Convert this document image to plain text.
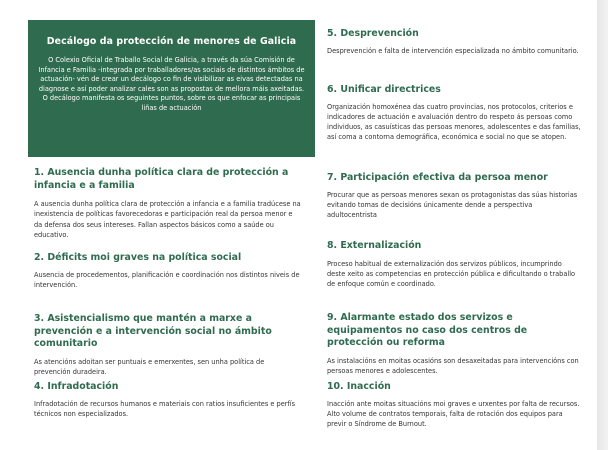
Decálogo da protección de menores de Galicia

O Colexio Oficial de Traballo Social de Galicia, a través da súa Comisión de Infancia e Familia -integrada por traballadores/as sociais de distintos ámbitos de actuación- vén de crear un decálogo co fin de visibilizar as eivas detectadas na diagnose e así poder analizar cales son as propostas de mellora máis axeitadas. O decálogo manifesta os seguintes puntos, sobre os que enfocar as principais liñas de actuación

1. Ausencia dunha política clara de protección a infancia e a familia

A ausencia dunha política clara de protección a infancia e a familia tradúcese na inexistencia de políticas favorecedoras e participación real da persoa menor e da defensa dos seus intereses. Fallan aspectos básicos como a saúde ou educativo.

2. Déficits moi graves na política social

Ausencia de procedementos, planificación e coordinación nos distintos niveis de intervención.

3. Asistencialismo que mantén a marxe a prevención e a intervención social no ámbito comunitario

As atencións adoitan ser puntuais e emerxentes, sen unha política de prevención duradeira.

4. Infradotación

Infradotación de recursos humanos e materiais con ratios insuficientes e perfís técnicos non especializados.

5. Desprevención

Desprevención e falta de intervención especializada no ámbito comunitario.

6. Unificar directrices

Organización homoxénea das cuatro provincias, nos protocolos, criterios e indicadores de actuación e avaluación dentro do respeto ás persoas como individuos, as casuísticas das persoas menores, adolescentes e das familias, así coma a contorna demográfica, económica e social no que se atopen.

7. Participación efectiva da persoa menor

Procurar que as persoas menores sexan os protagonistas das súas historias evitando tomas de decisións únicamente dende a perspectiva adultocentrista

8. Externalización

Proceso habitual de externalización dos servizos públicos, incumprindo deste xeito as competencias en protección pública e dificultando o traballo de enfoque común e coordinado.

9. Alarmante estado dos servizos e equipamentos no caso dos centros de protección ou reforma

As instalacións en moitas ocasións son desaxeitadas para intervencións con persoas menores e adolescentes.

10. Inacción

Inacción ante moitas situacións moi graves e urxentes por falta de recursos. Alto volume de contratos temporais, falta de rotación dos equipos para previr o Síndrome de Burnout.
